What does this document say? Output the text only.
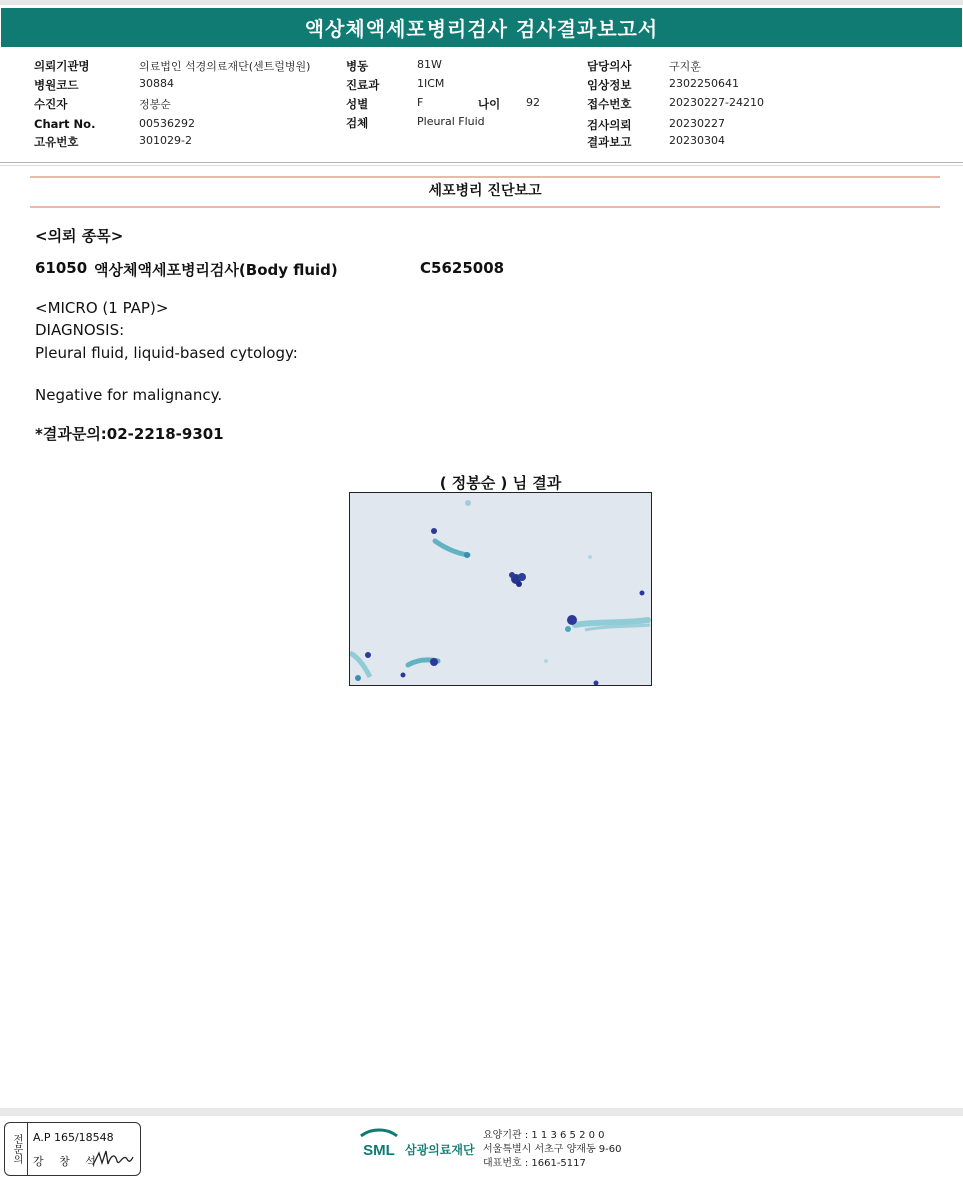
액상체액세포병리검사 검사결과보고서
의뢰기관명	의료법인 석경의료재단(센트럴병원)
병원코드	30884
수진자	정봉순
Chart No.	00536292
고유번호	301029-2
병동	81W
진료과	1ICM
성별	F	나이 92
검체	Pleural Fluid
담당의사	구지훈
임상정보	2302250641
접수번호	20230227-24210
검사의뢰	20230227
결과보고	20230304
세포병리 진단보고
<의뢰 종목>
61050 액상체액세포병리검사(Body fluid)	C5625008
<MICRO (1 PAP)>
DIAGNOSIS:
Pleural fluid, liquid-based cytology:
Negative for malignancy.
*결과문의:02-2218-9301
( 정봉순 ) 님 결과
전문의	A.P 165/18548
강 창 석
SML 삼광의료재단
요양기관 : 1 1 3 6 5 2 0 0
서울특별시 서초구 양재동 9-60
대표번호 : 1661-5117
